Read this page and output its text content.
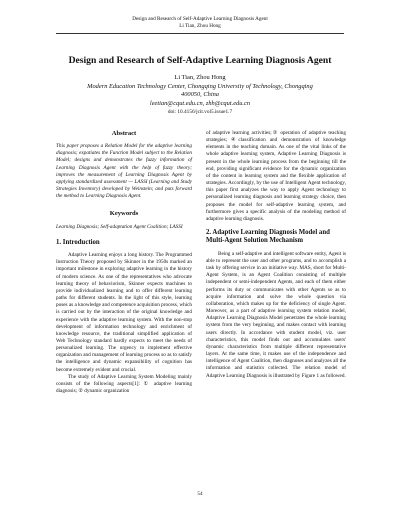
Design and Research of Self-Adaptive Learning Diagnosis Agent
Li Tian, Zhou Hong
Design and Research of Self-Adaptive Learning Diagnosis Agent
Li Tian, Zhou Hong
Modern Education Technology Center, Chongqing University of Technology, Chongqing
400050, China
leetian@cqut.edu.cn, zhh@cqut.edu.cn
doi: 10.4156/jcit.vol5.issue1.7
Abstract

This paper proposes a Relation Model for the adaptive learning diagnosis; expatiates the Function Model subject to the Relation Model; designs and demonstrates the fuzzy information of Learning Diagnosis Agent with the help of fuzzy theory; improves the measurement of Learning Diagnosis Agent by applying standardized assessment — LASSI (Learning and Study Strategies Inventory) developed by Weinstein; and puts forward the method to Learning Diagnosis Agent.

Keywords

Learning Diagnosis; Self-adaptation Agent Coalition; LASSI

1. Introduction

Adaptive Learning enjoys a long history. The Programmed Instruction Theory proposed by Skinner in the 1950s marked an important milestone in exploring adaptive learning in the history of modern science. As one of the representatives who advocate learning theory of behaviorism, Skinner expects machines to provide individualized learning and to offer different learning paths for different students. In the light of this style, learning poses as a knowledge and competence acquisition process, which is carried out by the interaction of the original knowledge and experience with the adaptive learning system. With the non-stop development of information technology and enrichment of knowledge resource, the traditional simplified application of Web Technology standard hardly expects to meet the needs of personalized learning. The urgency to implement effective organization and management of learning process so as to satisfy the intelligence and dynamic expansibility of cognition has become extremely evident and crucial.

The study of Adaptive Learning System Modeling mainly consists of the following aspects[1]: ① adaptive learning diagnosis; ② dynamic organization

of adaptive learning activities;③ operation of adaptive teaching strategies; ④classification and demonstration of knowledge elements in the teaching domain. As one of the vital links of the whole adaptive learning system, Adaptive Learning Diagnosis is present in the whole learning process from the beginning till the end, providing significant evidence for the dynamic organization of the content in learning system and the flexible application of strategies. Accordingly, by the use of Intelligent Agent technology, this paper first analyzes the way to apply Agent technology to personalized learning diagnosis and learning strategy choice, then proposes the model for self-adaptive learning system, and furthermore gives a specific analysis of the modeling method of adaptive learning diagnosis.

2. Adaptive Learning Diagnosis Model and Multi-Agent Solution Mechanism

Being a self-adaptive and intelligent software entity, Agent is able to represent the user and other programs, and to accomplish a task by offering service in an initiative way. MAS, short for Multi-Agent System, is an Agent Coalition consisting of multiple independent or semi-independent Agents, and each of them either performs its duty or communicates with other Agents so as to acquire information and solve the whole question via collaboration, which makes up for the deficiency of single Agent. Moreover, as a part of adaptive learning system relation model, Adaptive Learning Diagnosis Model penetrates the whole learning system from the very beginning, and makes contact with learning users directly. In accordance with student model, viz. user characteristics, this model finds out and accumulates users' dynamic characteristics from multiple different representative layers. At the same time, it makes use of the independence and intelligence of Agent Coalition, then diagnoses and analyzes all the information and statistics collected. The relation model of Adaptive Learning Diagnosis is illustrated by Figure 1 as followed.

54
